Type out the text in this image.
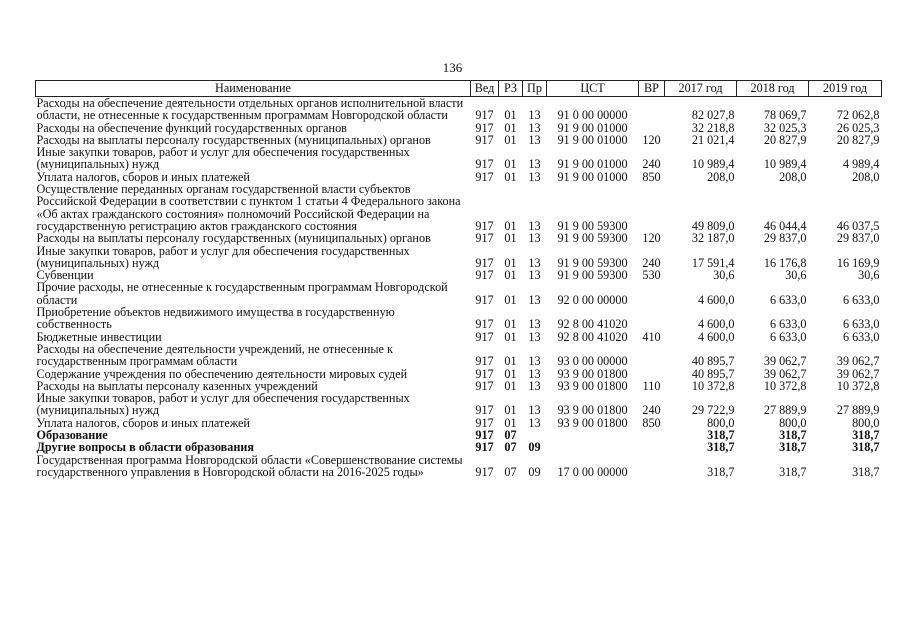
136
Наименование	Вед	РЗ	Пр	ЦСТ	ВР	2017 год	2018 год	2019 год
Расходы на обеспечение деятельности отдельных органов исполнительной власти области, не отнесенные к государственным программам Новгородской области	917	01	13	91 0 00 00000		82 027,8	78 069,7	72 062,8
Расходы на обеспечение функций государственных органов	917	01	13	91 9 00 01000		32 218,8	32 025,3	26 025,3
Расходы на выплаты персоналу государственных (муниципальных) органов	917	01	13	91 9 00 01000	120	21 021,4	20 827,9	20 827,9
Иные закупки товаров, работ и услуг для обеспечения государственных (муниципальных) нужд	917	01	13	91 9 00 01000	240	10 989,4	10 989,4	4 989,4
Уплата налогов, сборов и иных платежей	917	01	13	91 9 00 01000	850	208,0	208,0	208,0
Осуществление переданных органам государственной власти субъектов Российской Федерации в соответствии с пунктом 1 статьи 4 Федерального закона «Об актах гражданского состояния» полномочий Российской Федерации на государственную регистрацию актов гражданского состояния	917	01	13	91 9 00 59300		49 809,0	46 044,4	46 037,5
Расходы на выплаты персоналу государственных (муниципальных) органов	917	01	13	91 9 00 59300	120	32 187,0	29 837,0	29 837,0
Иные закупки товаров, работ и услуг для обеспечения государственных (муниципальных) нужд	917	01	13	91 9 00 59300	240	17 591,4	16 176,8	16 169,9
Субвенции	917	01	13	91 9 00 59300	530	30,6	30,6	30,6
Прочие расходы, не отнесенные к государственным программам Новгородской области	917	01	13	92 0 00 00000		4 600,0	6 633,0	6 633,0
Приобретение объектов недвижимого имущества в государственную собственность	917	01	13	92 8 00 41020		4 600,0	6 633,0	6 633,0
Бюджетные инвестиции	917	01	13	92 8 00 41020	410	4 600,0	6 633,0	6 633,0
Расходы на обеспечение деятельности учреждений, не отнесенные к государственным программам области	917	01	13	93 0 00 00000		40 895,7	39 062,7	39 062,7
Содержание учреждения по обеспечению деятельности мировых судей	917	01	13	93 9 00 01800		40 895,7	39 062,7	39 062,7
Расходы на выплаты персоналу казенных учреждений	917	01	13	93 9 00 01800	110	10 372,8	10 372,8	10 372,8
Иные закупки товаров, работ и услуг для обеспечения государственных (муниципальных) нужд	917	01	13	93 9 00 01800	240	29 722,9	27 889,9	27 889,9
Уплата налогов, сборов и иных платежей	917	01	13	93 9 00 01800	850	800,0	800,0	800,0
Образование	917	07				318,7	318,7	318,7
Другие вопросы в области образования	917	07	09			318,7	318,7	318,7
Государственная программа Новгородской области «Совершенствование системы государственного управления в Новгородской области на 2016-2025 годы»	917	07	09	17 0 00 00000		318,7	318,7	318,7
